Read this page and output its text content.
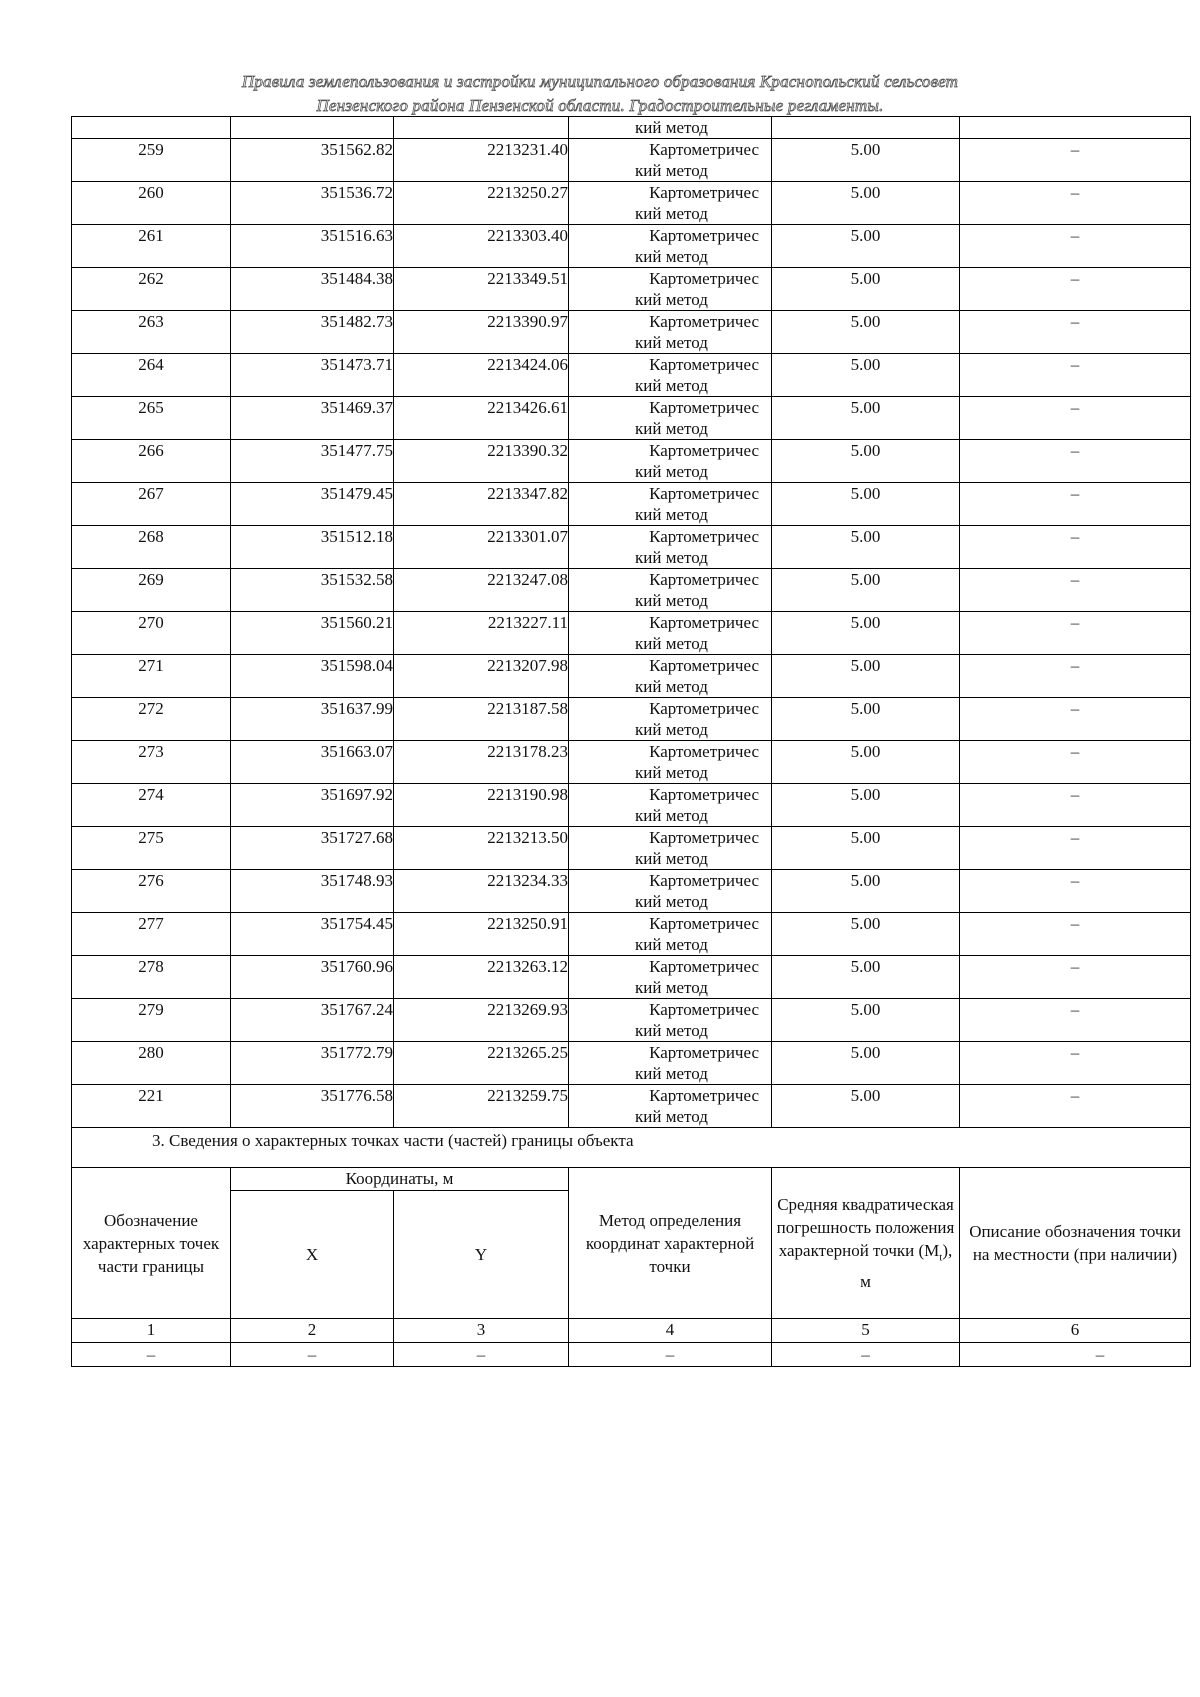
Правила землепользования и застройки муниципального образования Краснопольский сельсовет
Пензенского района Пензенской области. Градостроительные регламенты.

			кий метод		

259	351562.82	2213231.40	Картометричес
кий метод	5.00	–
260	351536.72	2213250.27	Картометричес
кий метод	5.00	–
261	351516.63	2213303.40	Картометричес
кий метод	5.00	–
262	351484.38	2213349.51	Картометричес
кий метод	5.00	–
263	351482.73	2213390.97	Картометричес
кий метод	5.00	–
264	351473.71	2213424.06	Картометричес
кий метод	5.00	–
265	351469.37	2213426.61	Картометричес
кий метод	5.00	–
266	351477.75	2213390.32	Картометричес
кий метод	5.00	–
267	351479.45	2213347.82	Картометричес
кий метод	5.00	–
268	351512.18	2213301.07	Картометричес
кий метод	5.00	–
269	351532.58	2213247.08	Картометричес
кий метод	5.00	–
270	351560.21	2213227.11	Картометричес
кий метод	5.00	–
271	351598.04	2213207.98	Картометричес
кий метод	5.00	–
272	351637.99	2213187.58	Картометричес
кий метод	5.00	–
273	351663.07	2213178.23	Картометричес
кий метод	5.00	–
274	351697.92	2213190.98	Картометричес
кий метод	5.00	–
275	351727.68	2213213.50	Картометричес
кий метод	5.00	–
276	351748.93	2213234.33	Картометричес
кий метод	5.00	–
277	351754.45	2213250.91	Картометричес
кий метод	5.00	–
278	351760.96	2213263.12	Картометричес
кий метод	5.00	–
279	351767.24	2213269.93	Картометричес
кий метод	5.00	–
280	351772.79	2213265.25	Картометричес
кий метод	5.00	–
221	351776.58	2213259.75	Картометричес
кий метод	5.00	–
3. Сведения о характерных точках части (частей) границы объекта					
Обозначение характерных точек части границы	Координаты, м		Метод определения координат характерной точки	Средняя квадратическая погрешность положения характерной точки $(M_t)$, м	Описание обозначения точки на местности (при наличии)
	X	Y			
1	2	3	4	5	6
–	–	–	–	–	–
